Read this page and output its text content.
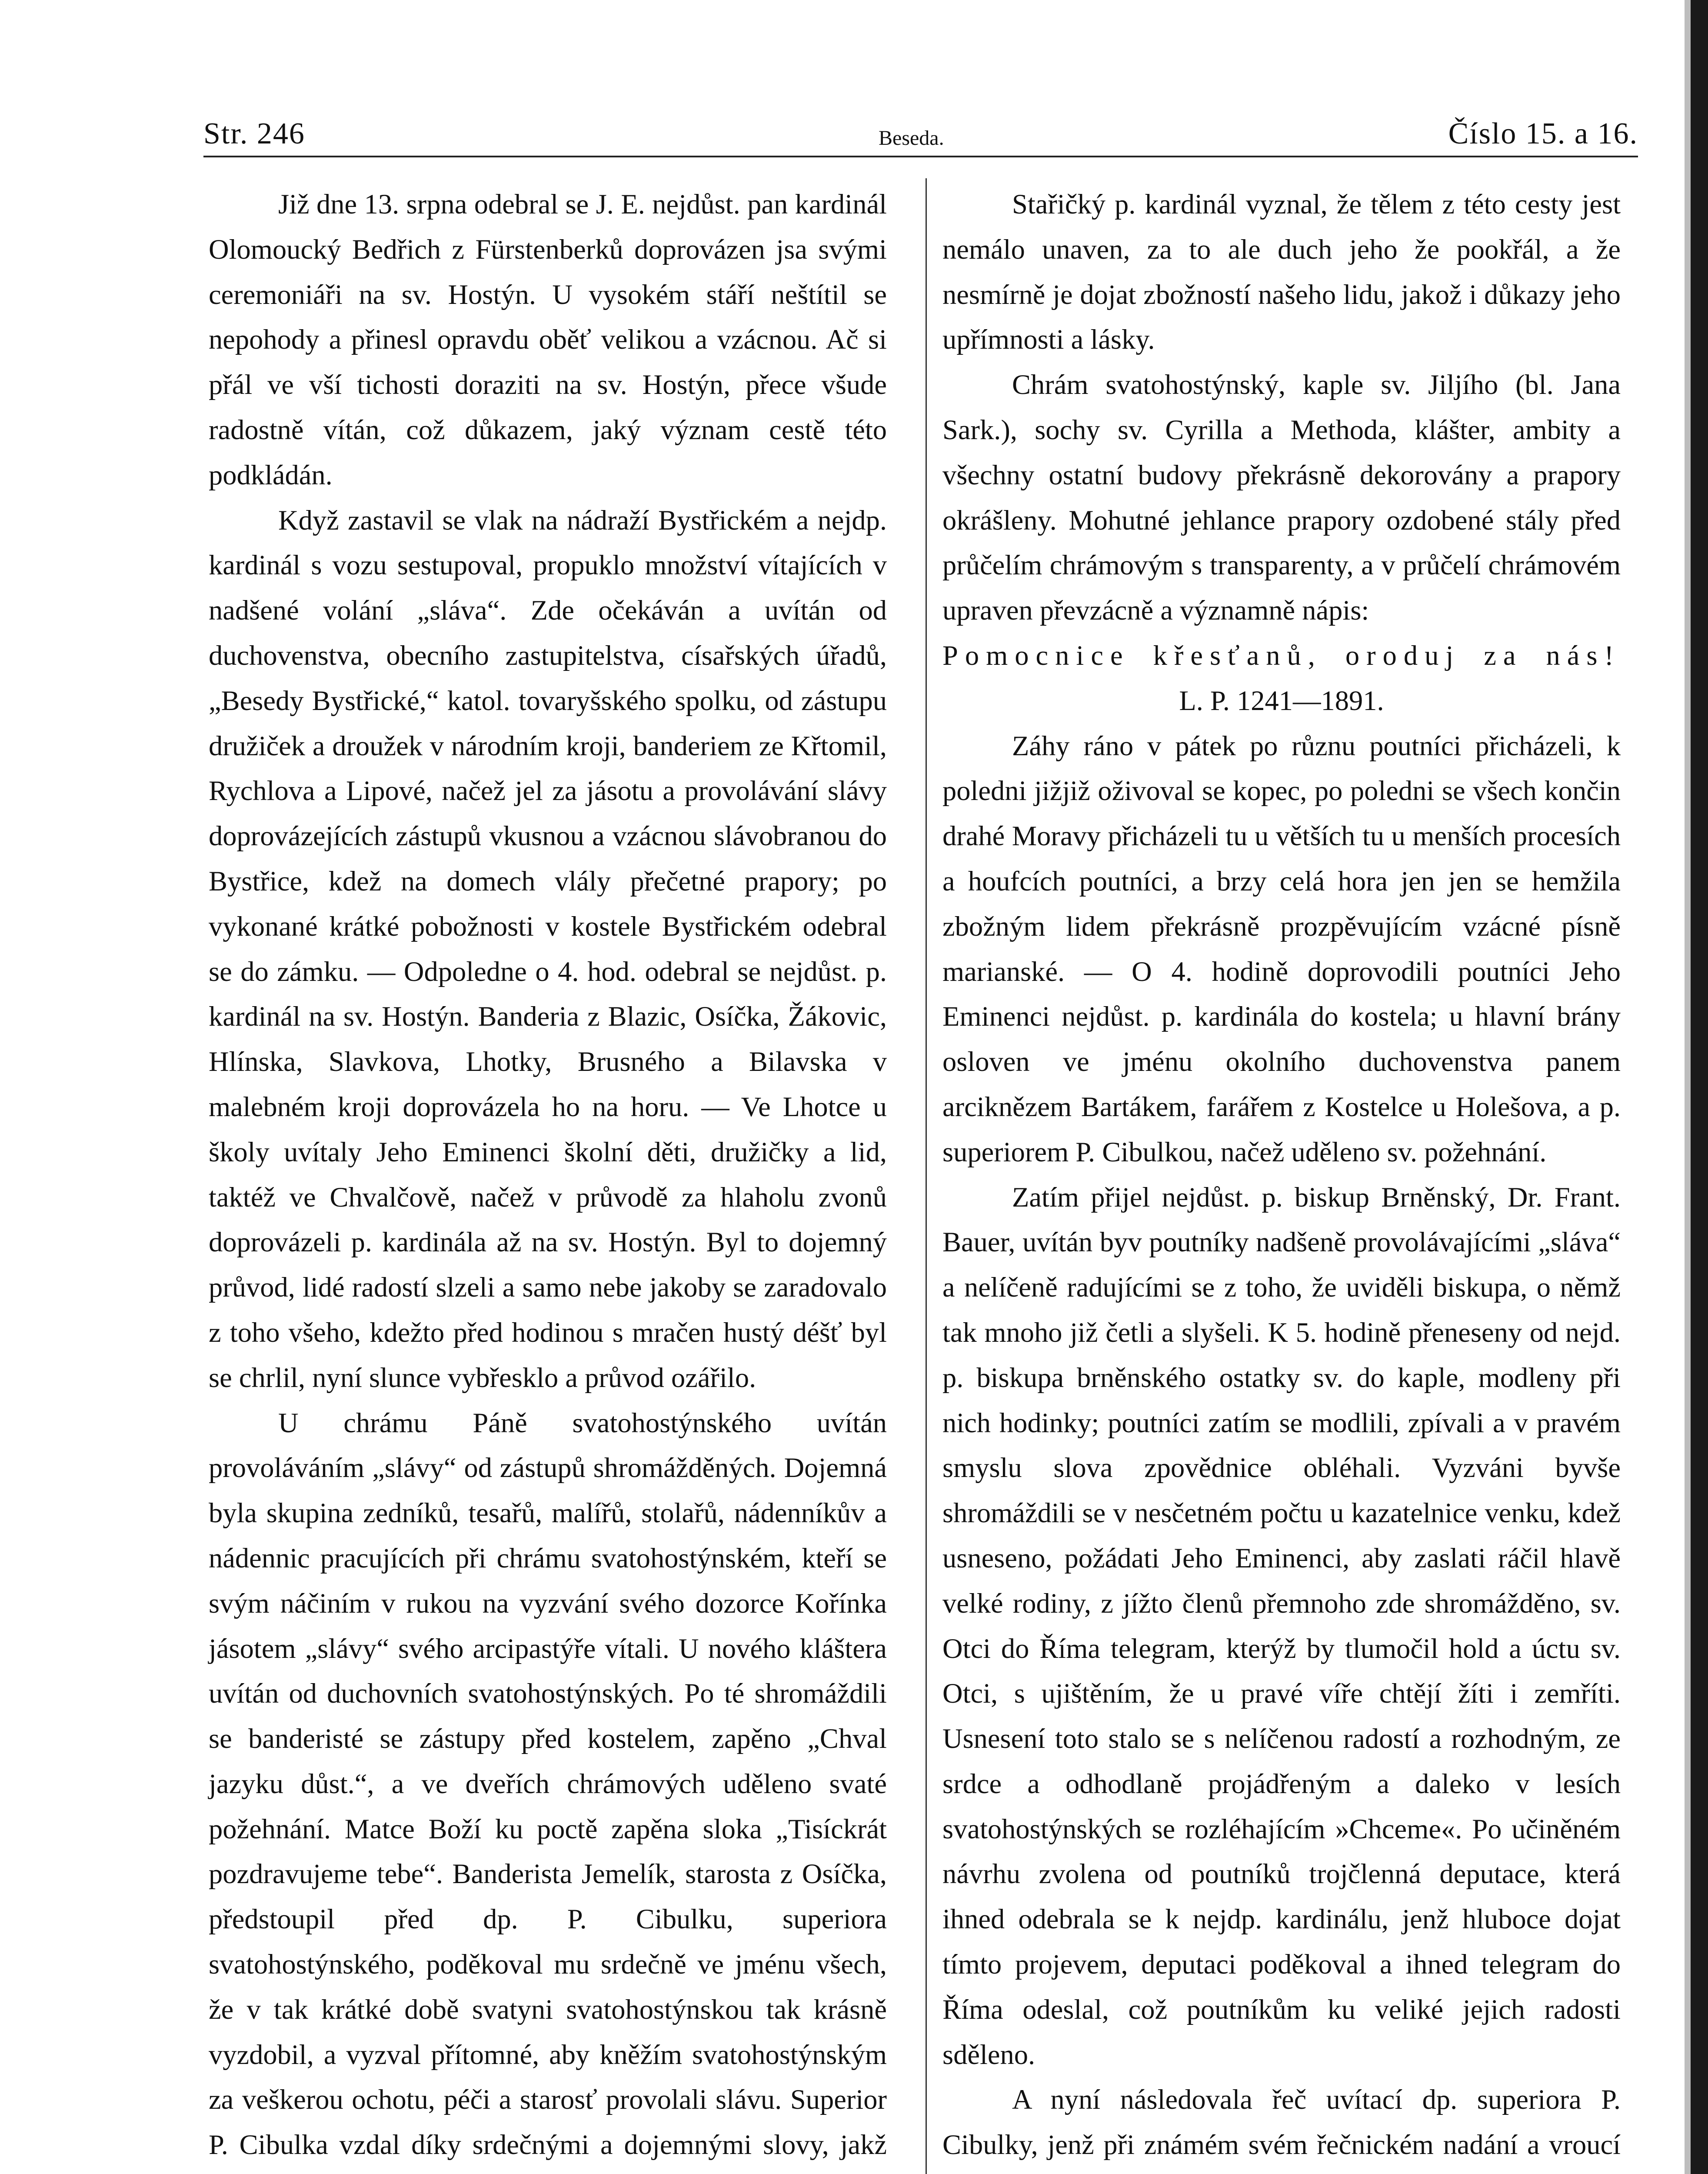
Str. 246	Beseda.	Číslo 15. a 16.

Již dne 13. srpna odebral se J. E. nejdůst. pan kardinál Olomoucký Bedřich z Fürstenberků doprovázen jsa svými ceremoniáři na sv. Hostýn. U vysokém stáří neštítil se nepohody a přinesl opravdu oběť velikou a vzácnou. Ač si přál ve vší tichosti doraziti na sv. Hostýn, přece všude radostně vítán, což důkazem, jaký význam cestě této podkládán.

Když zastavil se vlak na nádraží Bystřickém a nejdp. kardinál s vozu sestupoval, propuklo množství vítajících v nadšené volání „sláva“. Zde očekáván a uvítán od duchovenstva, obecního zastupitelstva, císařských úřadů, „Besedy Bystřické,“ katol. tovaryšského spolku, od zástupu družiček a droužek v národním kroji, banderiem ze Křtomil, Rychlova a Lipové, načež jel za jásotu a provolávání slávy doprovázejících zástupů vkusnou a vzácnou slávobranou do Bystřice, kdež na domech vlály přečetné prapory; po vykonané krátké pobožnosti v kostele Bystřickém odebral se do zámku. — Odpoledne o 4. hod. odebral se nejdůst. p. kardinál na sv. Hostýn. Banderia z Blazic, Osíčka, Žákovic, Hlínska, Slavkova, Lhotky, Brusného a Bilavska v malebném kroji doprovázela ho na horu. — Ve Lhotce u školy uvítaly Jeho Eminenci školní děti, družičky a lid, taktéž ve Chvalčově, načež v průvodě za hlaholu zvonů doprovázeli p. kardinála až na sv. Hostýn. Byl to dojemný průvod, lidé radostí slzeli a samo nebe jakoby se zaradovalo z toho všeho, kdežto před hodinou s mračen hustý déšť byl se chrlil, nyní slunce vybřesklo a průvod ozářilo.

U chrámu Páně svatohostýnského uvítán provoláváním „slávy“ od zástupů shromážděných. Dojemná byla skupina zedníků, tesařů, malířů, stolařů, nádenníkův a nádennic pracujících při chrámu svatohostýnském, kteří se svým náčiním v rukou na vyzvání svého dozorce Kořínka jásotem „slávy“ svého arcipastýře vítali. U nového kláštera uvítán od duchovních svatohostýnských. Po té shromáždili se banderisté se zástupy před kostelem, zapěno „Chval jazyku důst.“, a ve dveřích chrámových uděleno svaté požehnání. Matce Boží ku poctě zapěna sloka „Tisíckrát pozdravujeme tebe“. Banderista Jemelík, starosta z Osíčka, předstoupil před dp. P. Cibulku, superiora svatohostýnského, poděkoval mu srdečně ve jménu všech, že v tak krátké době svatyni svatohostýnskou tak krásně vyzdobil, a vyzval přítomné, aby kněžím svatohostýnským za veškerou ochotu, péči a starosť provolali slávu. Superior P. Cibulka vzdal díky srdečnými a dojemnými slovy, jakž

Stařičký p. kardinál vyznal, že tělem z této cesty jest nemálo unaven, za to ale duch jeho že pookřál, a že nesmírně je dojat zbožností našeho lidu, jakož i důkazy jeho upřímnosti a lásky.

Chrám svatohostýnský, kaple sv. Jiljího (bl. Jana Sark.), sochy sv. Cyrilla a Methoda, klášter, ambity a všechny ostatní budovy překrásně dekorovány a prapory okrášleny. Mohutné jehlance prapory ozdobené stály před průčelím chrámovým s transparenty, a v průčelí chrámovém upraven převzácně a významně nápis:

Pomocnice křesťanů, oroduj za nás!

L. P. 1241—1891.

Záhy ráno v pátek po různu poutníci přicházeli, k poledni jižjiž oživoval se kopec, po poledni se všech končin drahé Moravy přicházeli tu u větších tu u menších procesích a houfcích poutníci, a brzy celá hora jen jen se hemžila zbožným lidem překrásně prozpěvujícím vzácné písně marianské. — O 4. hodině doprovodili poutníci Jeho Eminenci nejdůst. p. kardinála do kostela; u hlavní brány osloven ve jménu okolního duchovenstva panem arciknězem Bartákem, farářem z Kostelce u Holešova, a p. superiorem P. Cibulkou, načež uděleno sv. požehnání.

Zatím přijel nejdůst. p. biskup Brněnský, Dr. Frant. Bauer, uvítán byv poutníky nadšeně provolávajícími „sláva“ a nelíčeně radujícími se z toho, že uviděli biskupa, o němž tak mnoho již četli a slyšeli. K 5. hodině přeneseny od nejd. p. biskupa brněnského ostatky sv. do kaple, modleny při nich hodinky; poutníci zatím se modlili, zpívali a v pravém smyslu slova zpovědnice obléhali. Vyzváni byvše shromáždili se v nesčetném počtu u kazatelnice venku, kdež usneseno, požádati Jeho Eminenci, aby zaslati ráčil hlavě velké rodiny, z jížto členů přemnoho zde shromážděno, sv. Otci do Říma telegram, kterýž by tlumočil hold a úctu sv. Otci, s ujištěním, že u pravé víře chtějí žíti i zemříti. Usnesení toto stalo se s nelíčenou radostí a rozhodným, ze srdce a odhodlaně projádřeným a daleko v lesích svatohostýnských se rozléhajícím »Chceme«. Po učiněném návrhu zvolena od poutníků trojčlenná deputace, která ihned odebrala se k nejdp. kardinálu, jenž hluboce dojat tímto projevem, deputaci poděkoval a ihned telegram do Říma odeslal, což poutníkům ku veliké jejich radosti sděleno.

A nyní následovala řeč uvítací dp. superiora P. Cibulky, jenž při známém svém řečnickém nadání a vroucí
